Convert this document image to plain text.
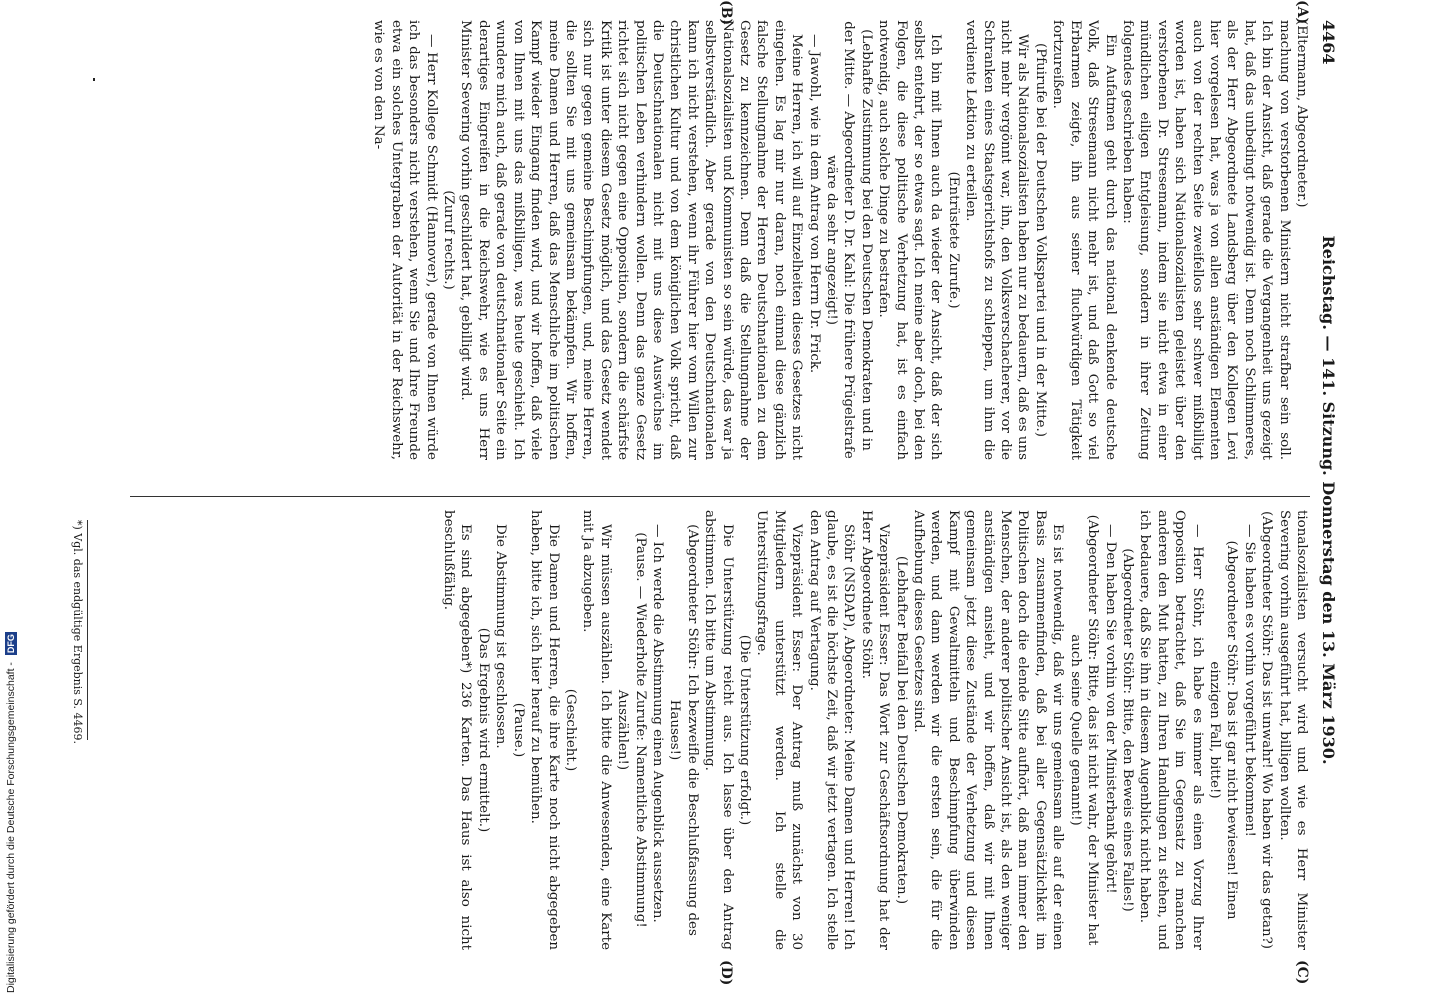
4464
Reichstag. — 141. Sitzung. Donnerstag den 13. März 1930.
(A)
(B)
(C)
(D)

(Eltermann, Abgeordneter.)

machung von verstorbenen Ministern nicht strafbar sein soll. Ich bin der Ansicht, daß gerade die Vergangenheit uns gezeigt hat, daß das unbedingt notwendig ist. Denn noch Schlimmeres, als der Herr Abgeordnete Landsberg über den Kollegen Levi hier vorgelesen hat, was ja von allen anständigen Elementen auch von der rechten Seite zweifellos sehr schwer mißbilligt worden ist, haben sich Nationalsozialisten geleistet über den verstorbenen Dr. Stresemann, indem sie nicht etwa in einer mündlichen eiligen Entgleisung, sondern in ihrer Zeitung folgendes geschrieben haben:

Ein Aufatmen geht durch das national denkende deutsche Volk, daß Stresemann nicht mehr ist, und daß Gott so viel Erbarmen zeigte, ihn aus seiner fluchwürdigen Tätigkeit fortzureißen.

(Pfuirufe bei der Deutschen Volkspartei und in der Mitte.)

Wir als Nationalsozialisten haben nur zu bedauern, daß es uns nicht mehr vergönnt war, ihn, den Volksverschacherer, vor die Schranken eines Staatsgerichtshofs zu schleppen, um ihm die verdiente Lektion zu erteilen.

(Entrüstete Zurufe.)

Ich bin mit Ihnen auch da wieder der Ansicht, daß der sich selbst entehrt, der so etwas sagt. Ich meine aber doch, bei den Folgen, die diese politische Verhetzung hat, ist es einfach notwendig, auch solche Dinge zu bestrafen.

(Lebhafte Zustimmung bei den Deutschen Demokraten und in der Mitte. — Abgeordneter D. Dr. Kahl: Die frühere Prügelstrafe wäre da sehr angezeigt!)

— Jawohl, wie in dem Antrag von Herrn Dr. Frick.

Meine Herren, ich will auf Einzelheiten dieses Gesetzes nicht eingehen. Es lag mir nur daran, noch einmal diese gänzlich falsche Stellungnahme der Herren Deutschnationalen zu dem Gesetz zu kennzeichnen. Denn daß die Stellungnahme der Nationalsozialisten und Kommunisten so sein würde, das war ja selbstverständlich. Aber gerade von den Deutschnationalen kann ich nicht verstehen, wenn ihr Führer hier vom Willen zur christlichen Kultur und von dem königlichen Volk spricht, daß die Deutschnationalen nicht mit uns diese Auswüchse im politischen Leben verhindern wollen. Denn das ganze Gesetz richtet sich nicht gegen eine Opposition, sondern die schärfste Kritik ist unter diesem Gesetz möglich, und das Gesetz wendet sich nur gegen gemeine Beschimpfungen, und, meine Herren, die sollten Sie mit uns gemeinsam bekämpfen. Wir hoffen, meine Damen und Herren, daß das Menschliche im politischen Kampf wieder Eingang finden wird, und wir hoffen, daß viele von Ihnen mit uns das mißbilligen, was heute geschieht. Ich wundere mich auch, daß gerade von deutschnationaler Seite ein derartiges Eingreifen in die Reichswehr, wie es uns Herr Minister Severing vorhin geschildert hat, gebilligt wird.

(Zuruf rechts.)

— Herr Kollege Schmidt (Hannover), gerade von Ihnen würde ich das besonders nicht verstehen, wenn Sie und Ihre Freunde etwa ein solches Untergraben der Autorität in der Reichswehr, wie es von den Na-

tionalsozialisten versucht wird und wie es Herr Minister Severing vorhin ausgeführt hat, billigen wollten.

(Abgeordneter Stöhr: Das ist unwahr! Wo haben wir das getan?)

— Sie haben es vorhin vorgeführt bekommen!

(Abgeordneter Stöhr: Das ist gar nicht bewiesen! Einen einzigen Fall, bitte!)

— Herr Stöhr, ich habe es immer als einen Vorzug Ihrer Opposition betrachtet, daß Sie im Gegensatz zu manchen anderen den Mut hatten, zu Ihren Handlungen zu stehen, und ich bedauere, daß Sie ihn in diesem Augenblick nicht haben.

(Abgeordneter Stöhr: Bitte, den Beweis eines Falles!)

— Den haben Sie vorhin von der Ministerbank gehört!

(Abgeordneter Stöhr: Bitte, das ist nicht wahr, der Minister hat auch seine Quelle genannt!)

Es ist notwendig, daß wir uns gemeinsam alle auf der einen Basis zusammenfinden, daß bei aller Gegensätzlichkeit im Politischen doch die elende Sitte aufhört, daß man immer den Menschen, der anderer politischer Ansicht ist, als den weniger anständigen ansieht, und wir hoffen, daß wir mit Ihnen gemeinsam jetzt diese Zustände der Verhetzung und diesen Kampf mit Gewaltmitteln und Beschimpfung überwinden werden, und dann werden wir die ersten sein, die für die Aufhebung dieses Gesetzes sind.

(Lebhafter Beifall bei den Deutschen Demokraten.)

Vizepräsident Esser: Das Wort zur Geschäftsordnung hat der Herr Abgeordnete Stöhr.

Stöhr (NSDAP), Abgeordneter: Meine Damen und Herren! Ich glaube, es ist die höchste Zeit, daß wir jetzt vertagen. Ich stelle den Antrag auf Vertagung.

Vizepräsident Esser: Der Antrag muß zunächst von 30 Mitgliedern unterstützt werden. Ich stelle die Unterstützungsfrage.

(Die Unterstützung erfolgt.)

Die Unterstützung reicht aus. Ich lasse über den Antrag abstimmen. Ich bitte um Abstimmung.

(Abgeordneter Stöhr: Ich bezweifle die Beschlußfassung des Hauses!)

— Ich werde die Abstimmung einen Augenblick aussetzen.

(Pause. — Wiederholte Zurufe: Namentliche Abstimmung! Auszählen!)

Wir müssen auszählen. Ich bitte die Anwesenden, eine Karte mit Ja abzugeben.

(Geschieht.)

Die Damen und Herren, die ihre Karte noch nicht abgegeben haben, bitte ich, sich hier herauf zu bemühen.

(Pause.)

Die Abstimmung ist geschlossen.

(Das Ergebnis wird ermittelt.)

Es sind abgegeben*) 236 Karten. Das Haus ist also nicht beschlußfähig.

*) Vgl. das endgültige Ergebnis S. 4469.
Digitalisierung gefördert durch die Deutsche Forschungsgemeinschaft - DFG
